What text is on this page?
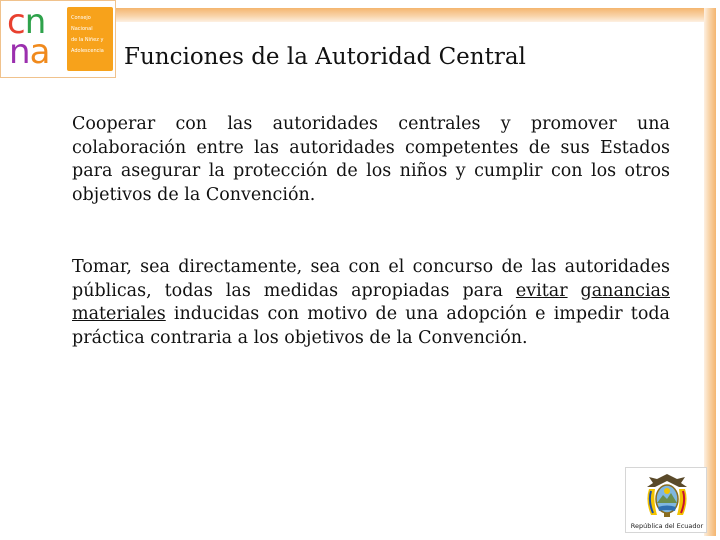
cn
na
Consejo
Nacional
de la Niñez y
Adolescencia Funciones de la Autoridad Central
Cooperar con las autoridades centrales y promover una colaboración entre las autoridades competentes de sus Estados para asegurar la protección de los niños y cumplir con los otros objetivos de la Convención.
Tomar, sea directamente, sea con el concurso de las autoridades públicas, todas las medidas apropiadas para evitar ganancias materiales inducidas con motivo de una adopción e impedir toda práctica contraria a los objetivos de la Convención.
República del Ecuador
